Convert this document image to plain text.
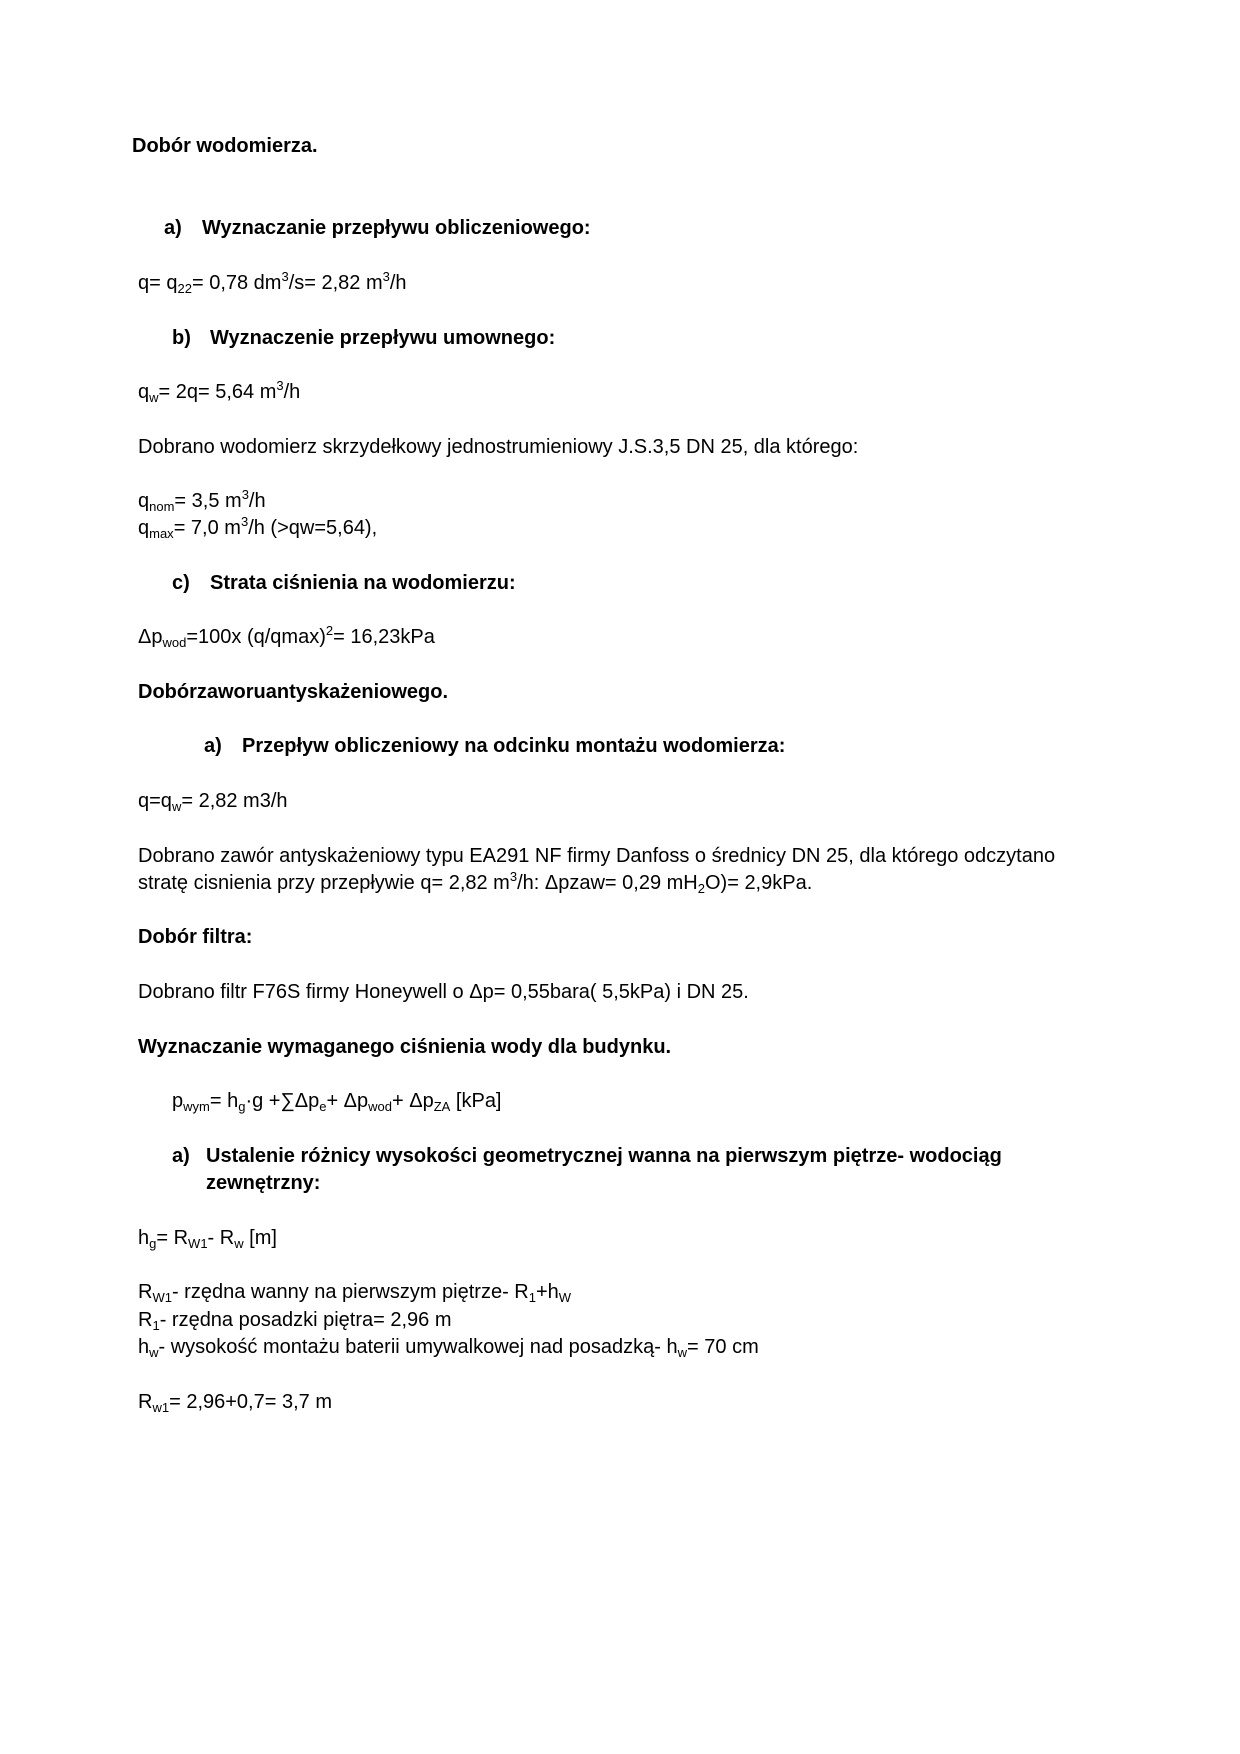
Dobór wodomierza.
a) Wyznaczanie przepływu obliczeniowego:
$q= q_{22}= 0,78$ $dm^3/s= 2,82$ $m^3/h$
b) Wyznaczenie przepływu umownego:
$q_w= 2q= 5,64$ $m^3/h$
Dobrano wodomierz skrzydełkowy jednostrumieniowy J.S.3,5 DN 25, dla którego:
$q_{nom}= 3,5$ $m^3/h$
$q_{max}= 7,0$ $m^3/h$ (>qw=5,64),
c) Strata ciśnienia na wodomierzu:
$\Delta p_{wod}=100x$ $(q/qmax)^2= 16,23kPa$
Dobórzaworuantyskażeniowego.
a) Przepływ obliczeniowy na odcinku montażu wodomierza:
$q=q_w= 2,82$ m3/h
Dobrano zawór antyskażeniowy typu EA291 NF firmy Danfoss o średnicy DN 25, dla którego odczytano
stratę cisnienia przy przepływie q= 2,82 $m^3/h$: Δpzaw= 0,29 $mH_2O)= 2,9kPa$.
Dobór filtra:
Dobrano filtr F76S firmy Honeywell o Δp= 0,55bara( 5,5kPa) i DN 25.
Wyznaczanie wymaganego ciśnienia wody dla budynku.
$p_{wym}= h_g\cdot g +\sum\Delta p_e+ \Delta p_{wod}+ \Delta p_{ZA}$ [kPa]
a) Ustalenie różnicy wysokości geometrycznej wanna na pierwszym piętrze- wodociąg
zewnętrzny:
$h_g= R_{W1}-$ $R_w$ [m]
$R_{W1}-$ rzędna wanny na pierwszym piętrze- $R_1+h_W$
$R_1-$ rzędna posadzki piętra= 2,96 m
$h_w-$ wysokość montażu baterii umywalkowej nad posadzką- $h_w= 70$ cm
$R_{w1}= 2,96+0,7= 3,7$ m
